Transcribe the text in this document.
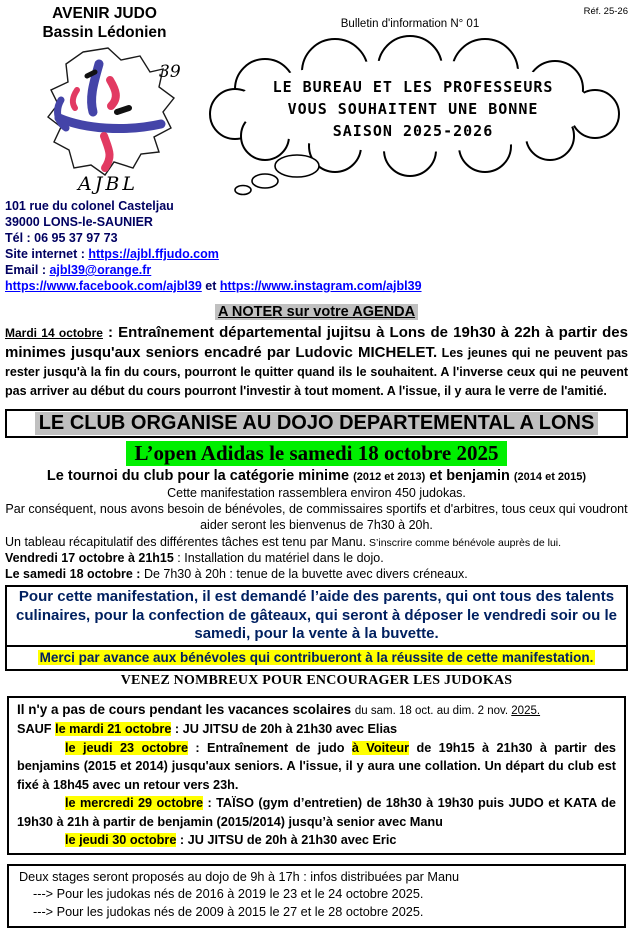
AVENIR JUDO
Bassin Lédonien	Bulletin d'information N° 01
Réf. 25-26
39
AJBL
LE BUREAU ET LES PROFESSEURS
VOUS SOUHAITENT UNE BONNE
SAISON 2025-2026
101 rue du colonel Casteljau
39000 LONS-le-SAUNIER
Tél : 06 95 37 97 73
Site internet : https://ajbl.ffjudo.com
Email : ajbl39@orange.fr
https://www.facebook.com/ajbl39 et https://www.instagram.com/ajbl39
A NOTER sur votre AGENDA

Mardi 14 octobre : Entraînement départemental jujitsu à Lons de 19h30 à 22h à partir des minimes jusqu'aux seniors encadré par Ludovic MICHELET. Les jeunes qui ne peuvent pas rester jusqu'à la fin du cours, pourront le quitter quand ils le souhaitent. A l'inverse ceux qui ne peuvent pas arriver au début du cours pourront l'investir à tout moment. A l'issue, il y aura le verre de l'amitié.

LE CLUB ORGANISE AU DOJO DEPARTEMENTAL A LONS
L’open Adidas le samedi 18 octobre 2025
Le tournoi du club pour la catégorie minime (2012 et 2013) et benjamin (2014 et 2015)
Cette manifestation rassemblera environ 450 judokas.
Par conséquent, nous avons besoin de bénévoles, de commissaires sportifs et d'arbitres, tous ceux qui voudront aider seront les bienvenus de 7h30 à 20h.
Un tableau récapitulatif des différentes tâches est tenu par Manu. S’inscrire comme bénévole auprès de lui.
Vendredi 17 octobre à 21h15 : Installation du matériel dans le dojo.
Le samedi 18 octobre : De 7h30 à 20h : tenue de la buvette avec divers créneaux.
Pour cette manifestation, il est demandé l’aide des parents, qui ont tous des talents culinaires, pour la confection de gâteaux, qui seront à déposer le vendredi soir ou le samedi, pour la vente à la buvette.
Merci par avance aux bénévoles qui contribueront à la réussite de cette manifestation.
VENEZ NOMBREUX POUR ENCOURAGER LES JUDOKAS

Il n'y a pas de cours pendant les vacances scolaires du sam. 18 oct. au dim. 2 nov. 2025.

SAUF le mardi 21 octobre : JU JITSU de 20h à 21h30 avec Elias

le jeudi 23 octobre : Entraînement de judo à Voiteur de 19h15 à 21h30 à partir des benjamins (2015 et 2014) jusqu'aux seniors. A l'issue, il y aura une collation. Un départ du club est fixé à 18h45 avec un retour vers 23h.

le mercredi 29 octobre : TAÏSO (gym d’entretien) de 18h30 à 19h30 puis JUDO et KATA de 19h30 à 21h à partir de benjamin (2015/2014) jusqu’à senior avec Manu

le jeudi 30 octobre : JU JITSU de 20h à 21h30 avec Eric

Deux stages seront proposés au dojo de 9h à 17h : infos distribuées par Manu
---> Pour les judokas nés de 2016 à 2019 le 23 et le 24 octobre 2025.
---> Pour les judokas nés de 2009 à 2015 le 27 et le 28 octobre 2025.
